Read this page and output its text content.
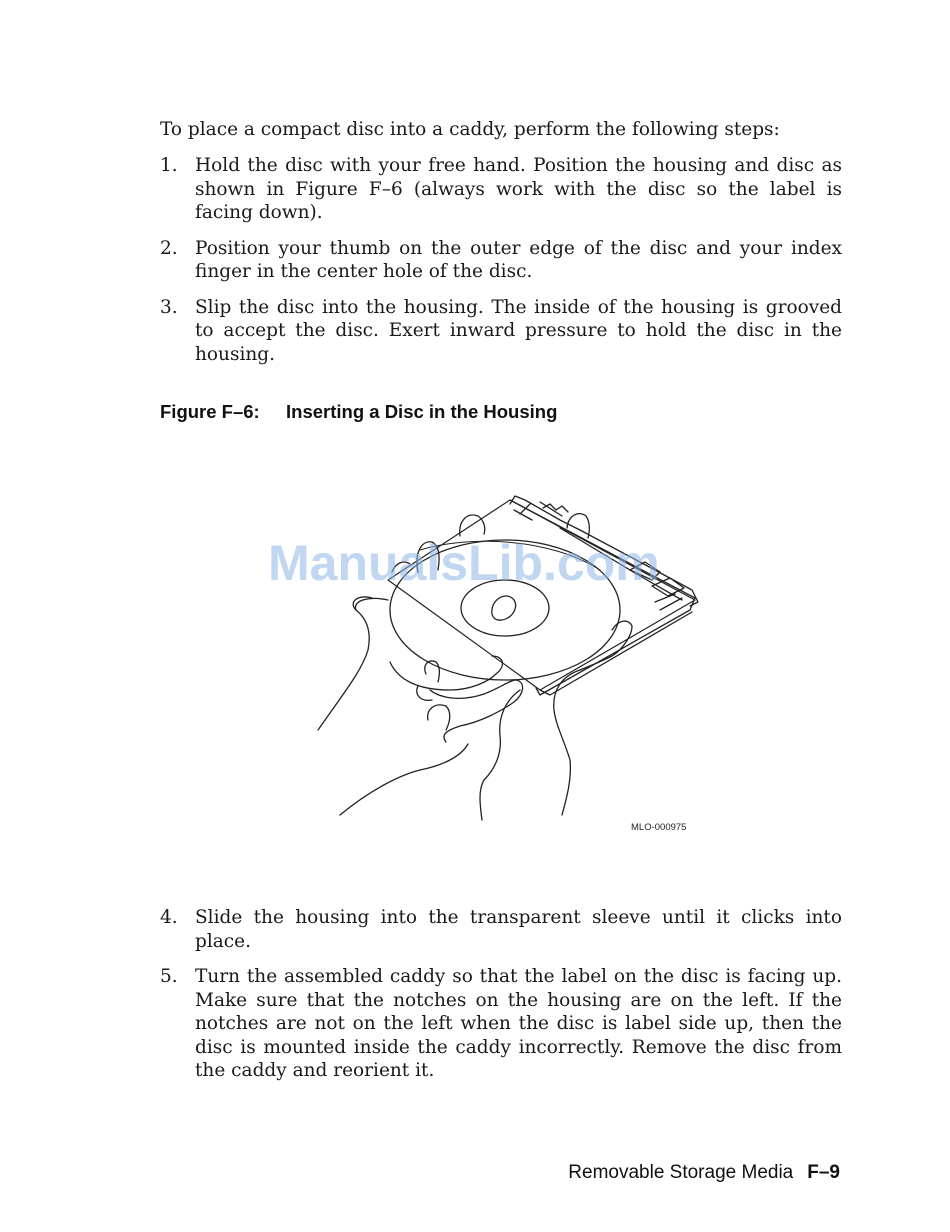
To place a compact disc into a caddy, perform the following steps:

1. Hold the disc with your free hand. Position the housing and disc as shown in Figure F–6 (always work with the disc so the label is facing down).
2. Position your thumb on the outer edge of the disc and your index finger in the center hole of the disc.
3. Slip the disc into the housing. The inside of the housing is grooved to accept the disc. Exert inward pressure to hold the disc in the housing.
Figure F–6: Inserting a Disc in the Housing
MLO-000975
ManualsLib.com
4. Slide the housing into the transparent sleeve until it clicks into place.
5. Turn the assembled caddy so that the label on the disc is facing up. Make sure that the notches on the housing are on the left. If the notches are not on the left when the disc is label side up, then the disc is mounted inside the caddy incorrectly. Remove the disc from the caddy and reorient it.
Removable Storage Media F–9
